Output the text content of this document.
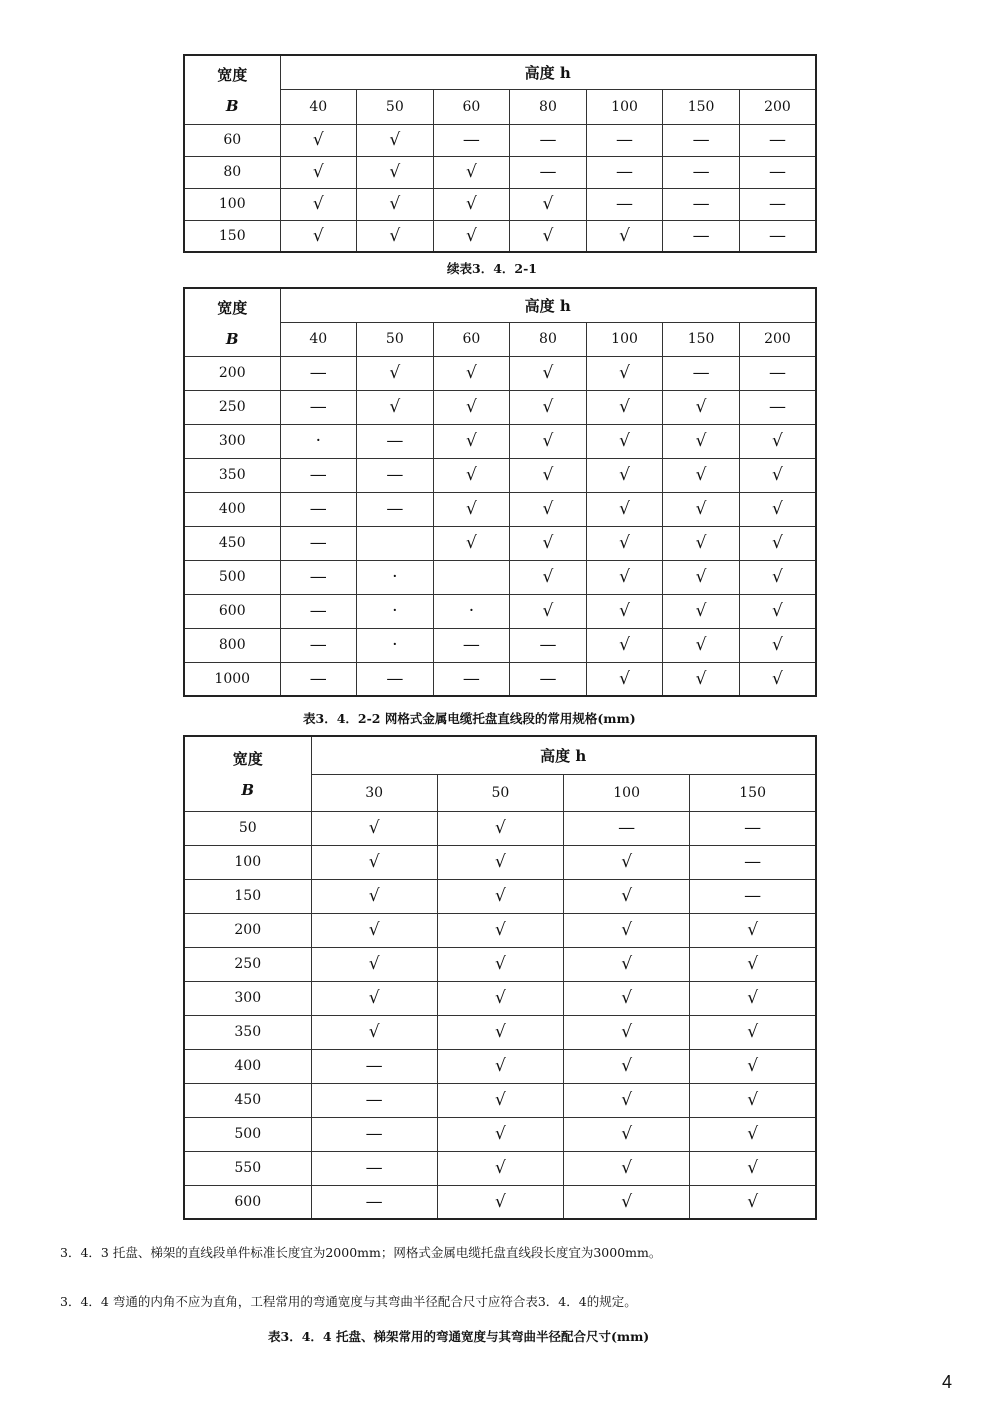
宽度
B	高度 h						
	40	50	60	80	100	150	200
60	√	√	—	—	—	—	—
80	√	√	√	—	—	—	—
100	√	√	√	√	—	—	—
150	√	√	√	√	√	—	—
续表3．4．2-1
宽度
B	高度 h						
	40	50	60	80	100	150	200
200	—	√	√	√	√	—	—
250	—	√	√	√	√	√	—
300	·	—	√	√	√	√	√
350	—	—	√	√	√	√	√
400	—	—	√	√	√	√	√
450	—		√	√	√	√	√
500	—	·		√	√	√	√
600	—	·	·	√	√	√	√
800	—	·	—	—	√	√	√
1000	—	—	—	—	√	√	√
表3．4．2-2 网格式金属电缆托盘直线段的常用规格(mm)
宽度
B	高度 h			
	30	50	100	150
50	√	√	—	—
100	√	√	√	—
150	√	√	√	—
200	√	√	√	√
250	√	√	√	√
300	√	√	√	√
350	√	√	√	√
400	—	√	√	√
450	—	√	√	√
500	—	√	√	√
550	—	√	√	√
600	—	√	√	√
3．4．3 托盘、梯架的直线段单件标准长度宜为2000mm；网格式金属电缆托盘直线段长度宜为3000mm。
3．4．4 弯通的内角不应为直角，工程常用的弯通宽度与其弯曲半径配合尺寸应符合表3．4．4的规定。
表3．4．4 托盘、梯架常用的弯通宽度与其弯曲半径配合尺寸(mm)
4
